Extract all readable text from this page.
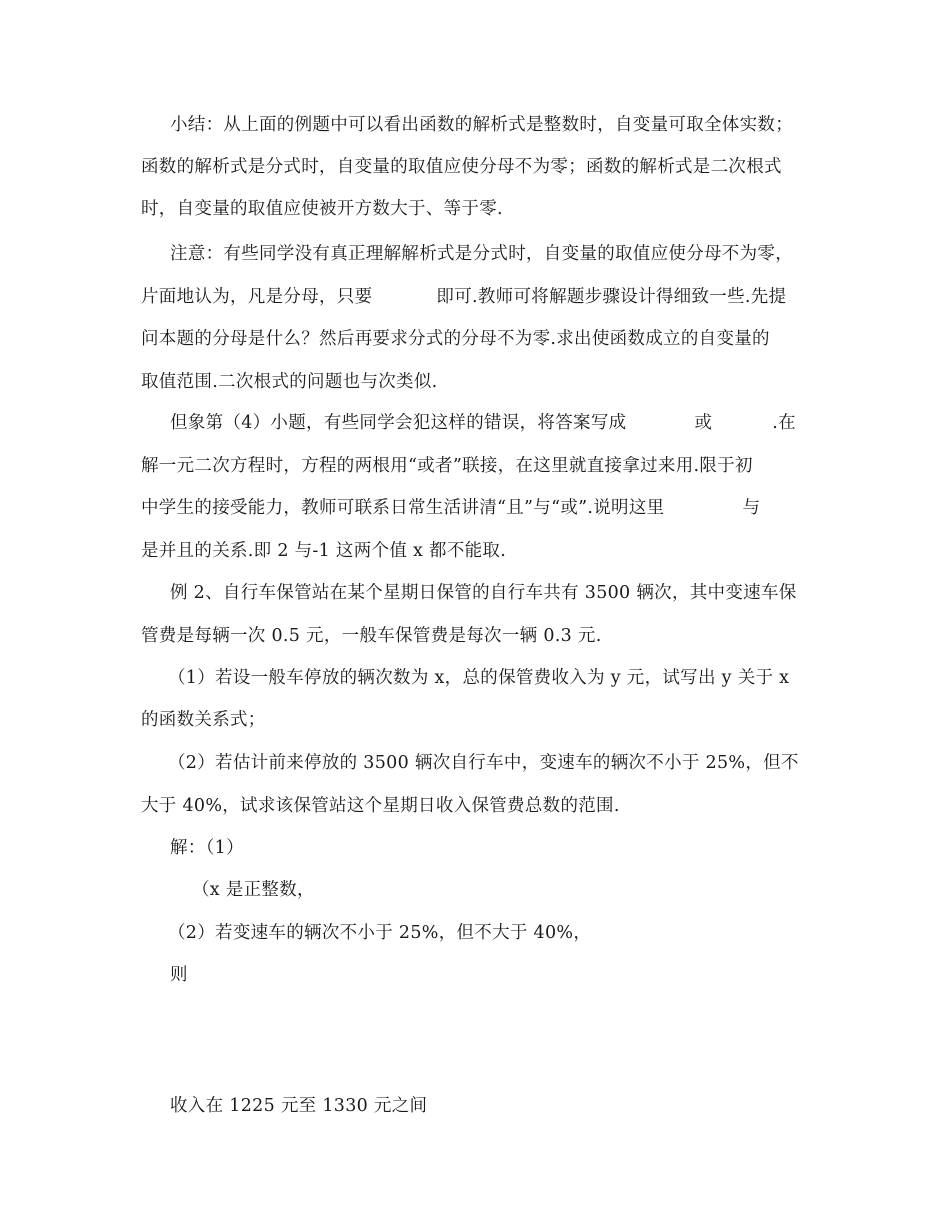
小结：从上面的例题中可以看出函数的解析式是整数时，自变量可取全体实数；
函数的解析式是分式时，自变量的取值应使分母不为零；函数的解析式是二次根式
时，自变量的取值应使被开方数大于、等于零.
注意：有些同学没有真正理解解析式是分式时，自变量的取值应使分母不为零，
片面地认为，凡是分母，只要	即可.教师可将解题步骤设计得细致一些.先提
问本题的分母是什么？然后再要求分式的分母不为零.求出使函数成立的自变量的
取值范围.二次根式的问题也与次类似.
但象第（4）小题，有些同学会犯这样的错误，将答案写成	或	.在
解一元二次方程时，方程的两根用“或者”联接，在这里就直接拿过来用.限于初
中学生的接受能力，教师可联系日常生活讲清“且”与“或”.说明这里	与
是并且的关系.即 2 与-1 这两个值 x 都不能取.
例 2、自行车保管站在某个星期日保管的自行车共有 3500 辆次，其中变速车保
管费是每辆一次 0.5 元，一般车保管费是每次一辆 0.3 元.
（1）若设一般车停放的辆次数为 x，总的保管费收入为 y 元，试写出 y 关于 x
的函数关系式；
（2）若估计前来停放的 3500 辆次自行车中，变速车的辆次不小于 25%，但不
大于 40%，试求该保管站这个星期日收入保管费总数的范围.
解：（1）
（x 是正整数，
（2）若变速车的辆次不小于 25%，但不大于 40%，
则
收入在 1225 元至 1330 元之间
